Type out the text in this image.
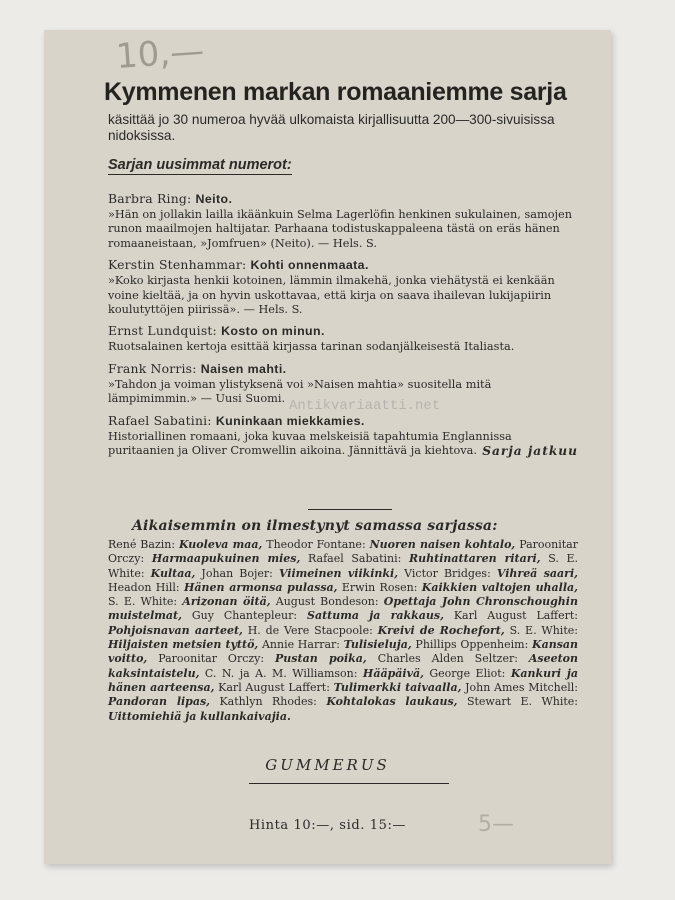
10,—
Kymmenen markan romaaniemme sarja
käsittää jo 30 numeroa hyvää ulkomaista kirjallisuutta 200—300-sivuisissa nidoksissa.
Sarjan uusimmat numerot:
Barbra Ring: Neito.
»Hän on jollakin lailla ikäänkuin Selma Lagerlöfin henkinen sukulainen, samojen runon maailmojen haltijatar. Parhaana todistuskappaleena tästä on eräs hänen romaaneistaan, »Jomfruen» (Neito). — Hels. S.
Kerstin Stenhammar: Kohti onnenmaata.
»Koko kirjasta henkii kotoinen, lämmin ilmakehä, jonka viehätystä ei kenkään voine kieltää, ja on hyvin uskottavaa, että kirja on saava ihailevan lukijapiirin koulutyttöjen piirissä». — Hels. S.
Ernst Lundquist: Kosto on minun.
Ruotsalainen kertoja esittää kirjassa tarinan sodanjälkeisestä Italiasta.
Frank Norris: Naisen mahti.
»Tahdon ja voiman ylistyksenä voi »Naisen mahtia» suositella mitä lämpimimmin.» — Uusi Suomi.
Rafael Sabatini: Kuninkaan miekkamies.
Historiallinen romaani, joka kuvaa melskeisiä tapahtumia Englannissa puritaanien ja Oliver Cromwellin aikoina. Jännittävä ja kiehtova. Sarja jatkuu
Aikaisemmin on ilmestynyt samassa sarjassa:
René Bazin: Kuoleva maa, Theodor Fontane: Nuoren naisen kohtalo, Paroonitar Orczy: Harmaapukuinen mies, Rafael Sabatini: Ruhtinattaren ritari, S. E. White: Kultaa, Johan Bojer: Viimeinen viikinki, Victor Bridges: Vihreä saari, Headon Hill: Hänen armonsa pulassa, Erwin Rosen: Kaikkien valtojen uhalla, S. E. White: Arizonan öitä, August Bondeson: Opettaja John Chronschoughin muistelmat, Guy Chantepleur: Sattuma ja rakkaus, Karl August Laffert: Pohjoisnavan aarteet, H. de Vere Stacpoole: Kreivi de Rochefort, S. E. White: Hiljaisten metsien tyttö, Annie Harrar: Tulisieluja, Phillips Oppenheim: Kansan voitto, Paroonitar Orczy: Pustan poika, Charles Alden Seltzer: Aseeton kaksintaistelu, C. N. ja A. M. Williamson: Hääpäivä, George Eliot: Kankuri ja hänen aarteensa, Karl August Laffert: Tulimerkki taivaalla, John Ames Mitchell: Pandoran lipas, Kathlyn Rhodes: Kohtalokas laukaus, Stewart E. White: Uittomiehiä ja kullankaivajia.
GUMMERUS
Hinta 10:—, sid. 15:—
Antikvariaatti.net
5—
